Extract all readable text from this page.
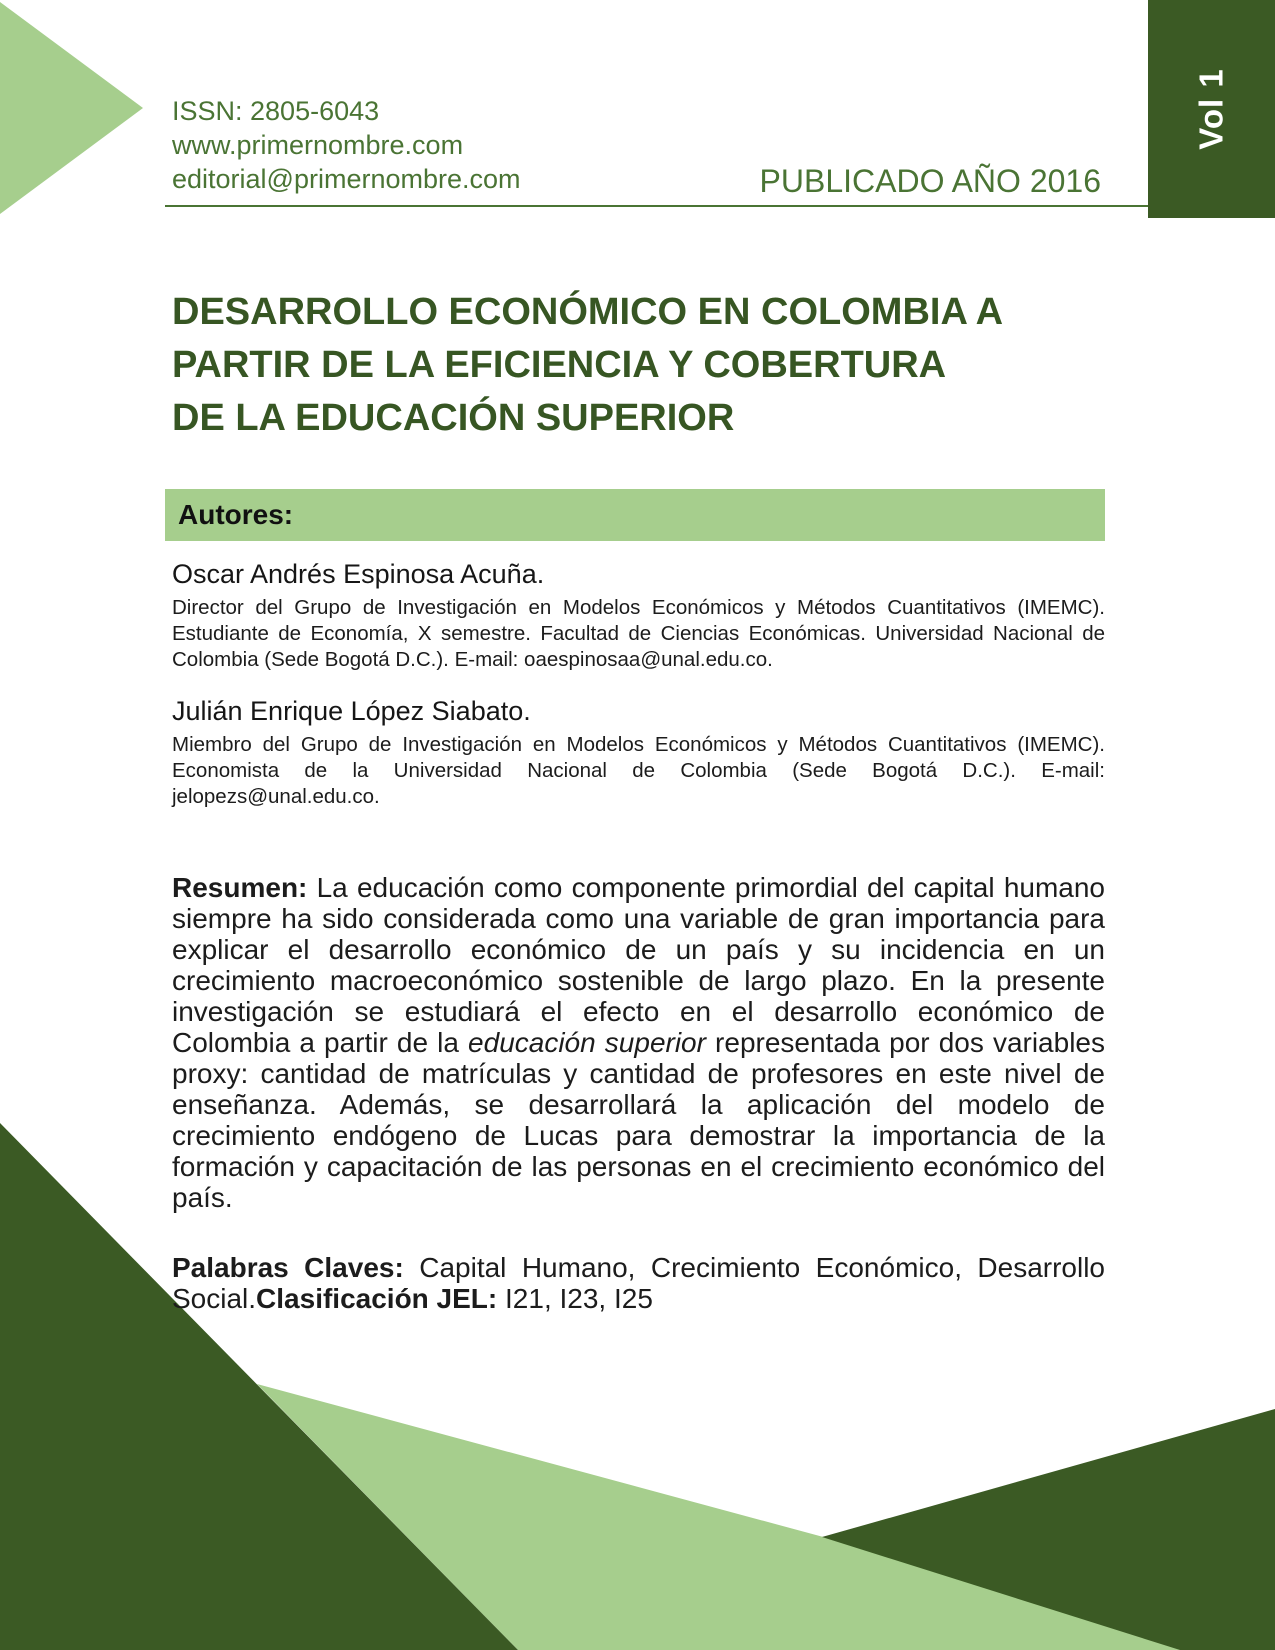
ISSN: 2805-6043
www.primernombre.com
editorial@primernombre.com	PUBLICADO AÑO 2016
Vol 1
DESARROLLO ECONÓMICO EN COLOMBIA A
PARTIR DE LA EFICIENCIA Y COBERTURA
DE LA EDUCACIÓN SUPERIOR
Autores:
Oscar Andrés Espinosa Acuña.
Director del Grupo de Investigación en Modelos Económicos y Métodos Cuantitativos (IMEMC). Estudiante de Economía, X semestre. Facultad de Ciencias Económicas. Universidad Nacional de Colombia (Sede Bogotá D.C.). E-mail: oaespinosaa@unal.edu.co.
Julián Enrique López Siabato.
Miembro del Grupo de Investigación en Modelos Económicos y Métodos Cuantitativos (IMEMC). Economista de la Universidad Nacional de Colombia (Sede Bogotá D.C.). E-mail: jelopezs@unal.edu.co.
Resumen: La educación como componente primordial del capital humano siempre ha sido considerada como una variable de gran importancia para explicar el desarrollo económico de un país y su incidencia en un crecimiento macroeconómico sostenible de largo plazo. En la presente investigación se estudiará el efecto en el desarrollo económico de Colombia a partir de la educación superior representada por dos variables proxy: cantidad de matrículas y cantidad de profesores en este nivel de enseñanza. Además, se desarrollará la aplicación del modelo de crecimiento endógeno de Lucas para demostrar la importancia de la formación y capacitación de las personas en el crecimiento económico del país.
Palabras Claves: Capital Humano, Crecimiento Económico, Desarrollo Social.Clasificación JEL: I21, I23, I25
